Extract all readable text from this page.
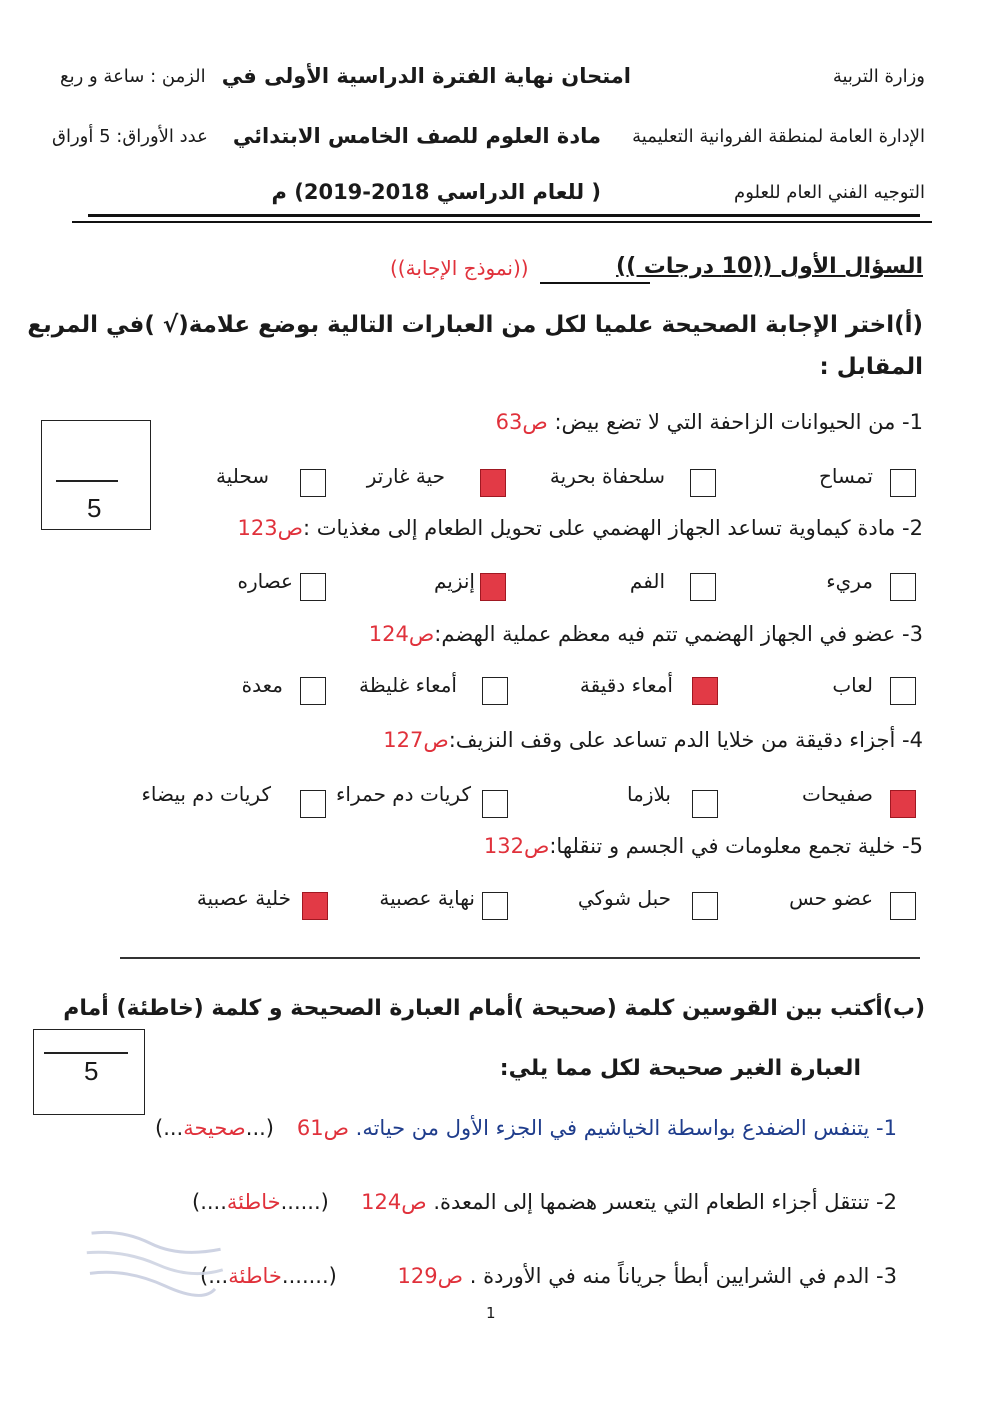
وزارة التربية
الإدارة العامة لمنطقة الفروانية التعليمية
التوجيه الفني العام للعلوم
امتحان نهاية الفترة الدراسية الأولى في
مادة العلوم للصف الخامس الابتدائي
( للعام الدراسي 2018-2019) م
الزمن : ساعة و ربع
عدد الأوراق: 5 أوراق
السؤال الأول ((10 درجات ))
((نموذج الإجابة))
(أ)اختر الإجابة الصحيحة علميا لكل من العبارات التالية بوضع علامة(√ )في المربع
المقابل :
5
1- من الحيوانات الزاحفة التي لا تضع بيض: ص63
تمساح
سلحفاة بحرية
حية غارتر
سحلية
2- مادة كيماوية تساعد الجهاز الهضمي على تحويل الطعام إلى مغذيات :ص123
مريء
الفم
إنزيم
عصاره
3- عضو في الجهاز الهضمي تتم فيه معظم عملية الهضم:ص124
لعاب
أمعاء دقيقة
أمعاء غليظة
معدة
4- أجزاء دقيقة من خلايا الدم تساعد على وقف النزيف:ص127
صفيحات
بلازما
كريات دم حمراء
كريات دم بيضاء
5- خلية تجمع معلومات في الجسم و تنقلها:ص132
عضو حس
حبل شوكي
نهاية عصبية
خلية عصبية
(ب)أكتب بين القوسين كلمة (صحيحة )أمام العبارة الصحيحة و كلمة (خاطئة) أمام
العبارة الغير صحيحة لكل مما يلي:
5
1- يتنفس الضفدع بواسطة الخياشيم في الجزء الأول من حياته. ص61
(...صحيحة...)
2- تنتقل أجزاء الطعام التي يتعسر هضمها إلى المعدة. ص124
(....خاطئة......)
3- الدم في الشرايين أبطأ جرياناً منه في الأوردة . ص129
(...خاطئة.......)
1
